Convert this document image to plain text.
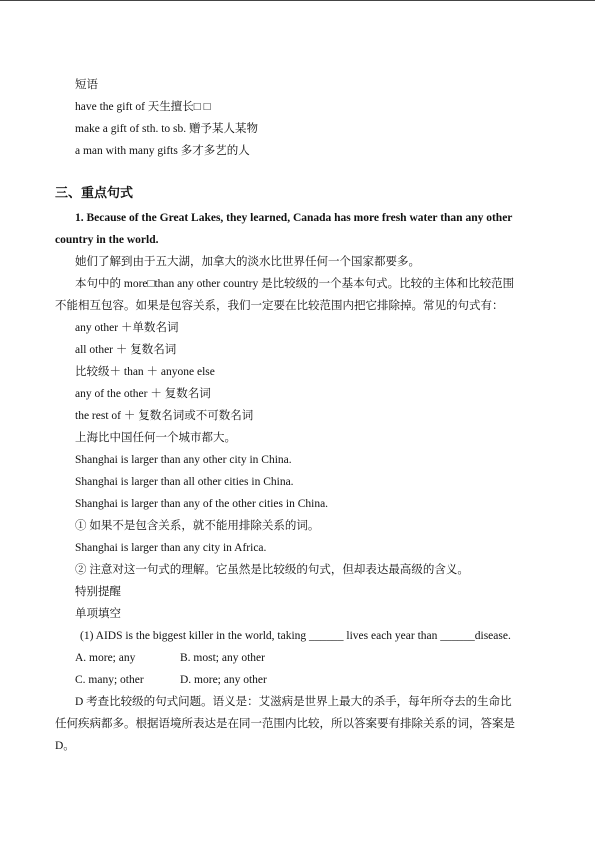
短语
have the gift of 天生擅长□ □
make a gift of sth. to sb. 赠予某人某物
a man with many gifts 多才多艺的人
三、重点句式
1. Because of the Great Lakes, they learned, Canada has more fresh water than any other
country in the world.
她们了解到由于五大湖，加拿大的淡水比世界任何一个国家都要多。
本句中的 more□than any other country 是比较级的一个基本句式。比较的主体和比较范围
不能相互包容。如果是包容关系，我们一定要在比较范围内把它排除掉。常见的句式有：
any other ＋单数名词
all other ＋ 复数名词
比较级＋ than ＋ anyone else
any of the other ＋ 复数名词
the rest of ＋ 复数名词或不可数名词
上海比中国任何一个城市都大。
Shanghai is larger than any other city in China.
Shanghai is larger than all other cities in China.
Shanghai is larger than any of the other cities in China.
① 如果不是包含关系，就不能用排除关系的词。
Shanghai is larger than any city in Africa.
② 注意对这一句式的理解。它虽然是比较级的句式，但却表达最高级的含义。
特别提醒
单项填空
(1) AIDS is the biggest killer in the world, taking ______ lives each year than ______disease.
A. more; any	B. most; any other
C. many; other	D. more; any other
D 考查比较级的句式问题。语义是：艾滋病是世界上最大的杀手，每年所夺去的生命比
任何疾病都多。根据语境所表达是在同一范围内比较，所以答案要有排除关系的词，答案是
D。
